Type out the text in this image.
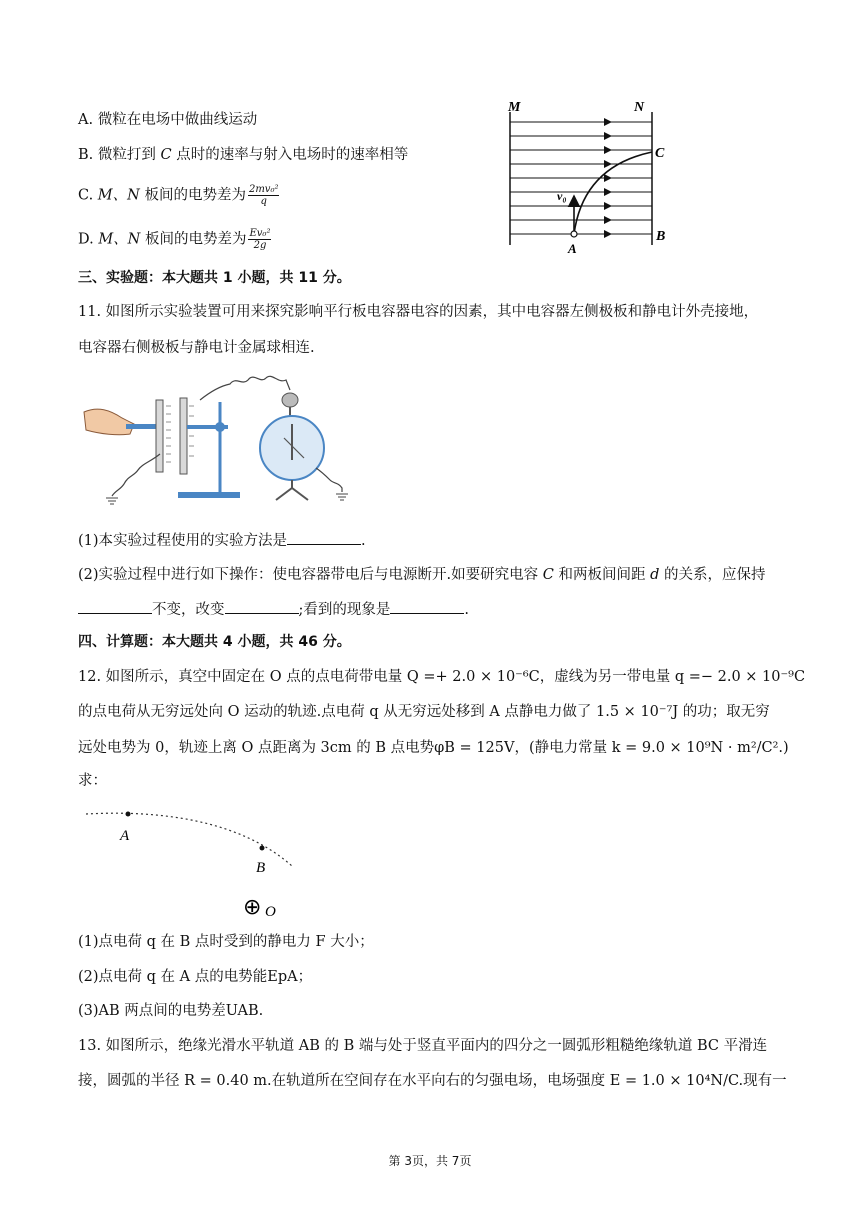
A. 微粒在电场中做曲线运动
B. 微粒打到 C 点时的速率与射入电场时的速率相等
C. M、N 板间的电势差为 $\frac{\text{2mv₀²}}{q}$
D. M、N 板间的电势差为 $\frac{\text{Ev₀²}}{2g}$
M	N
C
A
B
v₀
三、实验题：本大题共 1 小题，共 11 分。
11. 如图所示实验装置可用来探究影响平行板电容器电容的因素，其中电容器左侧极板和静电计外壳接地，
电容器右侧极板与静电计金属球相连.
(1)本实验过程使用的实验方法是	.
(2)实验过程中进行如下操作：使电容器带电后与电源断开.如要研究电容 C 和两板间间距 d 的关系，应保持
不变，改变	;看到的现象是	.
四、计算题：本大题共 4 小题，共 46 分。
12. 如图所示，真空中固定在 O 点的点电荷带电量 Q =+ 2.0 × 10⁻⁶C，虚线为另一带电量 q =− 2.0 × 10⁻⁹C
的点电荷从无穷远处向 O 运动的轨迹.点电荷 q 从无穷远处移到 A 点静电力做了 1.5 × 10⁻⁷J 的功；取无穷
远处电势为 0，轨迹上离 O 点距离为 3cm 的 B 点电势φB = 125V，(静电力常量 k = 9.0 × 10⁹N · m²/C².)
求：
A
B
⊕ O
(1)点电荷 q 在 B 点时受到的静电力 F 大小；
(2)点电荷 q 在 A 点的电势能EpA；
(3)AB 两点间的电势差UAB.
13. 如图所示，绝缘光滑水平轨道 AB 的 B 端与处于竖直平面内的四分之一圆弧形粗糙绝缘轨道 BC 平滑连
接，圆弧的半径 R = 0.40 m.在轨道所在空间存在水平向右的匀强电场，电场强度 E = 1.0 × 10⁴N/C.现有一
第 3页，共 7页
